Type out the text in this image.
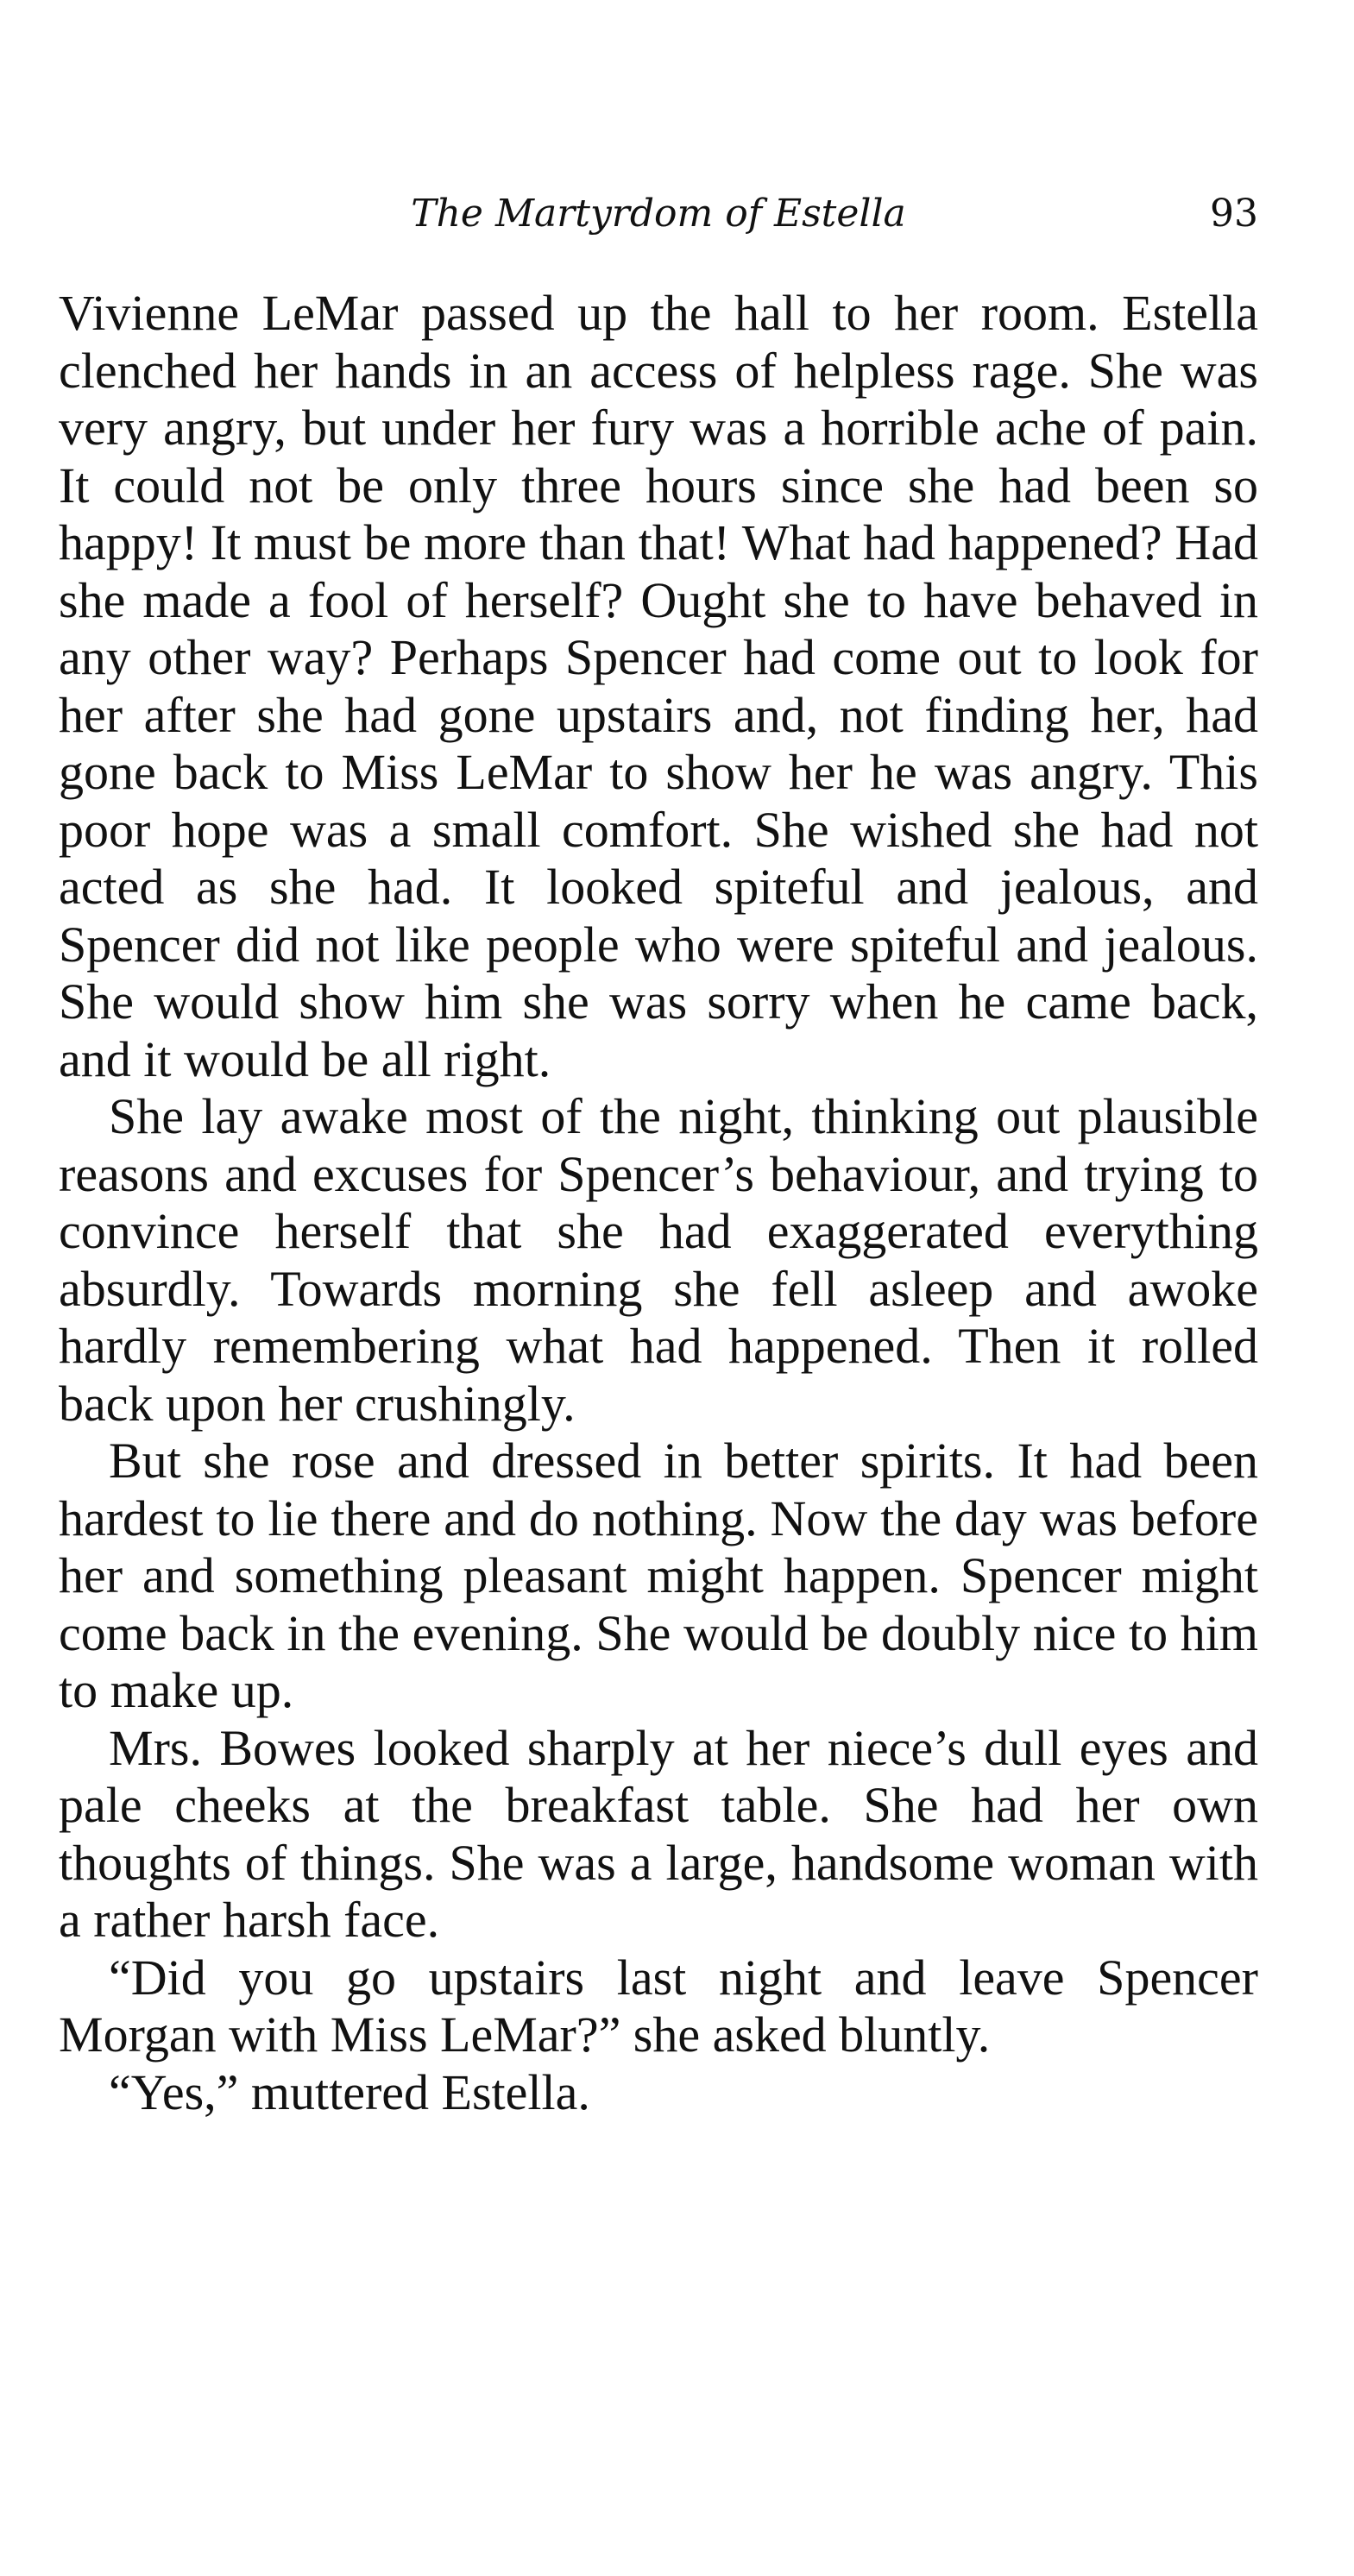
The Martyrdom of Estella	93

Vivienne LeMar passed up the hall to her room. Estella clenched her hands in an access of helpless rage. She was very angry, but under her fury was a horrible ache of pain. It could not be only three hours since she had been so happy! It must be more than that! What had happened? Had she made a fool of herself? Ought she to have behaved in any other way? Perhaps Spencer had come out to look for her after she had gone upstairs and, not finding her, had gone back to Miss LeMar to show her he was angry. This poor hope was a small comfort. She wished she had not acted as she had. It looked spiteful and jealous, and Spencer did not like people who were spiteful and jealous. She would show him she was sorry when he came back, and it would be all right.

She lay awake most of the night, thinking out plausible reasons and excuses for Spencer’s behaviour, and trying to convince herself that she had exaggerated everything absurdly. Towards morning she fell asleep and awoke hardly remembering what had happened. Then it rolled back upon her crushingly.

But she rose and dressed in better spirits. It had been hardest to lie there and do nothing. Now the day was before her and something pleasant might happen. Spencer might come back in the evening. She would be doubly nice to him to make up.

Mrs. Bowes looked sharply at her niece’s dull eyes and pale cheeks at the breakfast table. She had her own thoughts of things. She was a large, handsome woman with a rather harsh face.

“Did you go upstairs last night and leave Spencer Morgan with Miss LeMar?” she asked bluntly.

“Yes,” muttered Estella.
